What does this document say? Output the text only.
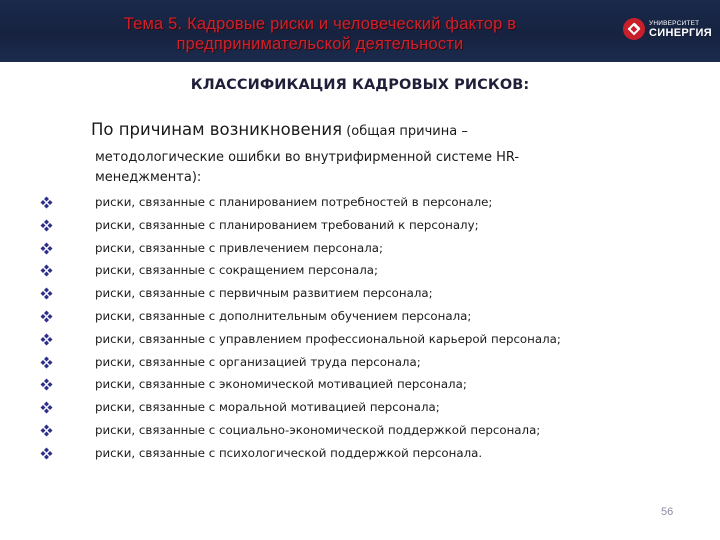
Тема 5. Кадровые риски и человеческий фактор в
предпринимательской деятельности
УНИВЕРСИТЕТ
СИНЕРГИЯ
КЛАССИФИКАЦИЯ КАДРОВЫХ РИСКОВ:
По причинам возникновения (общая причина –
методологические ошибки во внутрифирменной системе HR-менеджмента):
риски, связанные с планированием потребностей в персонале;
риски, связанные с планированием требований к персоналу;
риски, связанные с привлечением персонала;
риски, связанные с сокращением персонала;
риски, связанные с первичным развитием персонала;
риски, связанные с дополнительным обучением персонала;
риски, связанные с управлением профессиональной карьерой персонала;
риски, связанные с организацией труда персонала;
риски, связанные с экономической мотивацией персонала;
риски, связанные с моральной мотивацией персонала;
риски, связанные с социально-экономической поддержкой персонала;
риски, связанные с психологической поддержкой персонала.
56
